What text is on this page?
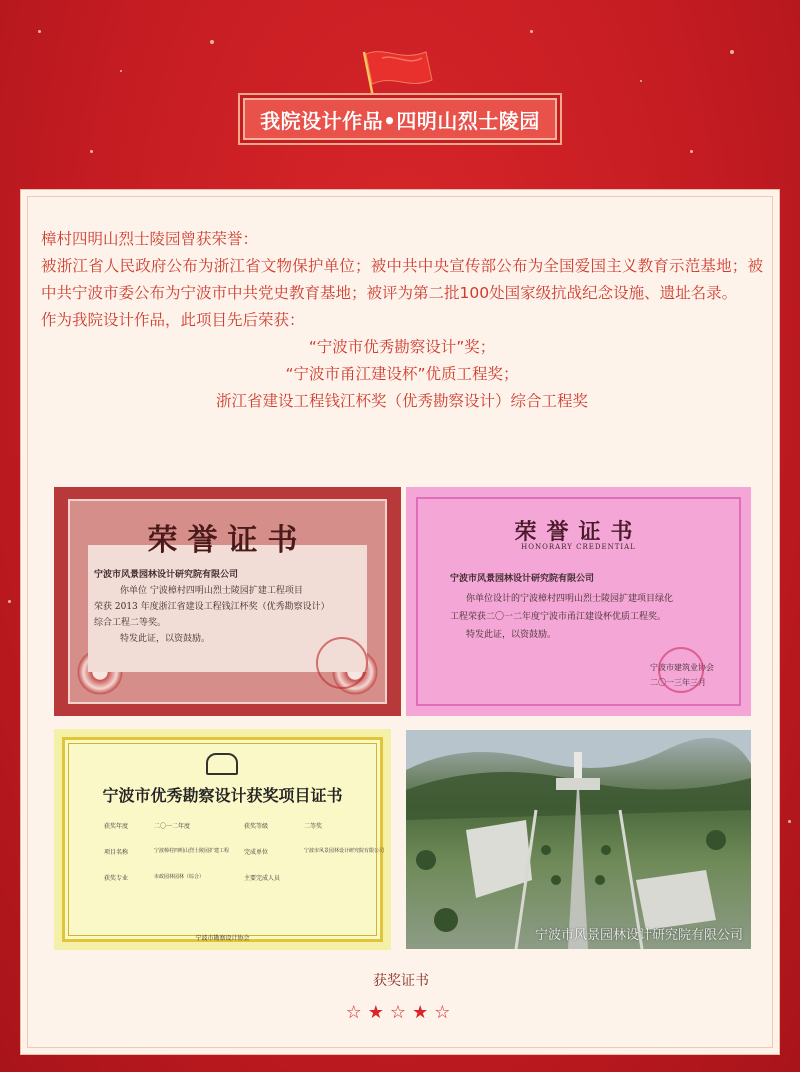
我院设计作品•四明山烈士陵园

樟村四明山烈士陵园曾获荣誉：

被浙江省人民政府公布为浙江省文物保护单位；被中共中央宣传部公布为全国爱国主义教育示范基地；被中共宁波市委公布为宁波市中共党史教育基地；被评为第二批100处国家级抗战纪念设施、遗址名录。

作为我院设计作品，此项目先后荣获：

“宁波市优秀勘察设计”奖；

“宁波市甬江建设杯”优质工程奖；

浙江省建设工程钱江杯奖（优秀勘察设计）综合工程奖

荣誉证书
宁波市风景园林设计研究院有限公司
你单位 宁波樟村四明山烈士陵园扩建工程项目
荣获 2013 年度浙江省建设工程钱江杯奖（优秀勘察设计）
综合工程二等奖。
特发此证，以资鼓励。
荣誉证书
HONORARY CREDENTIAL
宁波市风景园林设计研究院有限公司
你单位设计的宁波樟村四明山烈士陵园扩建项目绿化
工程荣获二〇一二年度宁波市甬江建设杯优质工程奖。
特发此证，以资鼓励。
宁波市建筑业协会
二〇一三年三月
宁波市优秀勘察设计获奖项目证书
获奖年度	二〇一二年度	获奖等级	二等奖
项目名称	宁波樟村四明山烈士陵园扩建工程 完成单位	宁波市风景园林设计研究院有限公司
获奖专业	市政园林园林（综合）	主要完成人员
宁波市勘察设计协会	宁波市风景园林设计研究院有限公司
获奖证书
☆★☆★☆
